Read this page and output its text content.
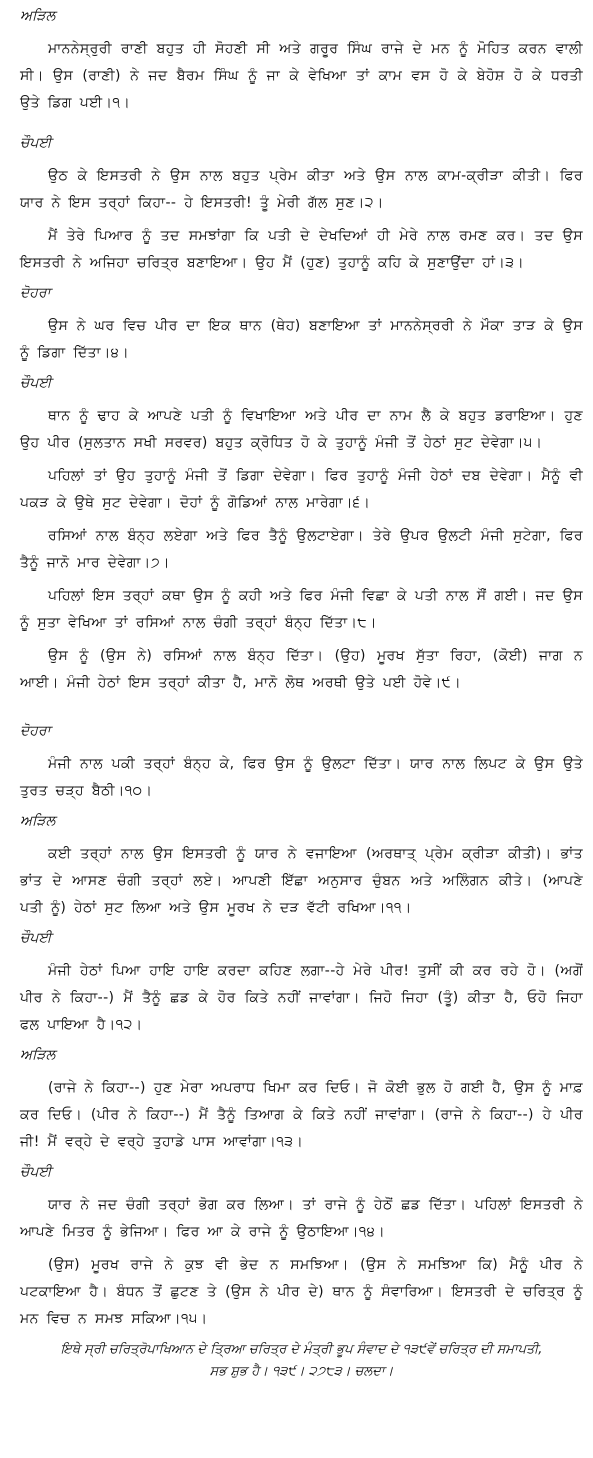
ਅੜਿਲ

ਮਾਨਨੇਸ੍ਰੁਰੀ ਰਾਣੀ ਬਹੁਤ ਹੀ ਸੋਹਣੀ ਸੀ ਅਤੇ ਗਰੂਰ ਸਿੰਘ ਰਾਜੇ ਦੇ ਮਨ ਨੂੰ ਮੋਹਿਤ ਕਰਨ ਵਾਲੀ ਸੀ। ਉਸ (ਰਾਣੀ) ਨੇ ਜਦ ਬੈਰਮ ਸਿੰਘ ਨੂੰ ਜਾ ਕੇ ਵੇਖਿਆ ਤਾਂ ਕਾਮ ਵਸ ਹੋ ਕੇ ਬੇਹੋਸ਼ ਹੋ ਕੇ ਧਰਤੀ ਉਤੇ ਡਿਗ ਪਈ।੧।

ਚੌਪਈ

ਉਠ ਕੇ ਇਸਤਰੀ ਨੇ ਉਸ ਨਾਲ ਬਹੁਤ ਪ੍ਰੇਮ ਕੀਤਾ ਅਤੇ ਉਸ ਨਾਲ ਕਾਮ-ਕ੍ਰੀੜਾ ਕੀਤੀ। ਫਿਰ ਯਾਰ ਨੇ ਇਸ ਤਰ੍ਹਾਂ ਕਿਹਾ-- ਹੇ ਇਸਤਰੀ! ਤੂੰ ਮੇਰੀ ਗੱਲ ਸੁਣ।੨।

ਮੈਂ ਤੇਰੇ ਪਿਆਰ ਨੂੰ ਤਦ ਸਮਝਾਂਗਾ ਕਿ ਪਤੀ ਦੇ ਦੇਖਦਿਆਂ ਹੀ ਮੇਰੇ ਨਾਲ ਰਮਣ ਕਰ। ਤਦ ਉਸ ਇਸਤਰੀ ਨੇ ਅਜਿਹਾ ਚਰਿਤ੍ਰ ਬਣਾਇਆ। ਉਹ ਮੈਂ (ਹੁਣ) ਤੁਹਾਨੂੰ ਕਹਿ ਕੇ ਸੁਣਾਉਂਦਾ ਹਾਂ।੩।

ਦੋਹਰਾ

ਉਸ ਨੇ ਘਰ ਵਿਚ ਪੀਰ ਦਾ ਇਕ ਥਾਨ (ਥੇਹ) ਬਣਾਇਆ ਤਾਂ ਮਾਨਨੇਸ੍ਰਰੀ ਨੇ ਮੌਕਾ ਤਾੜ ਕੇ ਉਸ ਨੂੰ ਡਿਗਾ ਦਿੱਤਾ।੪।

ਚੌਪਈ

ਥਾਨ ਨੂੰ ਢਾਹ ਕੇ ਆਪਣੇ ਪਤੀ ਨੂੰ ਵਿਖਾਇਆ ਅਤੇ ਪੀਰ ਦਾ ਨਾਮ ਲੈ ਕੇ ਬਹੁਤ ਡਰਾਇਆ। ਹੁਣ ਉਹ ਪੀਰ (ਸੁਲਤਾਨ ਸਖੀ ਸਰਵਰ) ਬਹੁਤ ਕ੍ਰੋਧਿਤ ਹੋ ਕੇ ਤੁਹਾਨੂੰ ਮੰਜੀ ਤੋਂ ਹੇਠਾਂ ਸੁਟ ਦੇਵੇਗਾ।੫।

ਪਹਿਲਾਂ ਤਾਂ ਉਹ ਤੁਹਾਨੂੰ ਮੰਜੀ ਤੋਂ ਡਿਗਾ ਦੇਵੇਗਾ। ਫਿਰ ਤੁਹਾਨੂੰ ਮੰਜੀ ਹੇਠਾਂ ਦਬ ਦੇਵੇਗਾ। ਮੈਨੂੰ ਵੀ ਪਕੜ ਕੇ ਉਥੇ ਸੁਟ ਦੇਵੇਗਾ। ਦੋਹਾਂ ਨੂੰ ਗੋਡਿਆਂ ਨਾਲ ਮਾਰੇਗਾ।੬।

ਰਸਿਆਂ ਨਾਲ ਬੰਨ੍ਹ ਲਏਗਾ ਅਤੇ ਫਿਰ ਤੈਨੂੰ ਉਲਟਾਏਗਾ। ਤੇਰੇ ਉਪਰ ਉਲਟੀ ਮੰਜੀ ਸੁਟੇਗਾ, ਫਿਰ ਤੈਨੂੰ ਜਾਨੋ ਮਾਰ ਦੇਵੇਗਾ।੭।

ਪਹਿਲਾਂ ਇਸ ਤਰ੍ਹਾਂ ਕਥਾ ਉਸ ਨੂੰ ਕਹੀ ਅਤੇ ਫਿਰ ਮੰਜੀ ਵਿਛਾ ਕੇ ਪਤੀ ਨਾਲ ਸੌਂ ਗਈ। ਜਦ ਉਸ ਨੂੰ ਸੁਤਾ ਵੇਖਿਆ ਤਾਂ ਰਸਿਆਂ ਨਾਲ ਚੰਗੀ ਤਰ੍ਹਾਂ ਬੰਨ੍ਹ ਦਿੱਤਾ।੮।

ਉਸ ਨੂੰ (ਉਸ ਨੇ) ਰਸਿਆਂ ਨਾਲ ਬੰਨ੍ਹ ਦਿੱਤਾ। (ਉਹ) ਮੂਰਖ ਸੁੱਤਾ ਰਿਹਾ, (ਕੋਈ) ਜਾਗ ਨ ਆਈ। ਮੰਜੀ ਹੇਠਾਂ ਇਸ ਤਰ੍ਹਾਂ ਕੀਤਾ ਹੈ, ਮਾਨੋ ਲੋਥ ਅਰਥੀ ਉਤੇ ਪਈ ਹੋਵੇ।੯।

ਦੋਹਰਾ

ਮੰਜੀ ਨਾਲ ਪਕੀ ਤਰ੍ਹਾਂ ਬੰਨ੍ਹ ਕੇ, ਫਿਰ ਉਸ ਨੂੰ ਉਲਟਾ ਦਿੱਤਾ। ਯਾਰ ਨਾਲ ਲਿਪਟ ਕੇ ਉਸ ਉਤੇ ਤੁਰਤ ਚੜ੍ਹ ਬੈਠੀ।੧੦।

ਅੜਿਲ

ਕਈ ਤਰ੍ਹਾਂ ਨਾਲ ਉਸ ਇਸਤਰੀ ਨੂੰ ਯਾਰ ਨੇ ਵਜਾਇਆ (ਅਰਥਾਤ੍ ਪ੍ਰੇਮ ਕ੍ਰੀੜਾ ਕੀਤੀ)। ਭਾਂਤ ਭਾਂਤ ਦੇ ਆਸਣ ਚੰਗੀ ਤਰ੍ਹਾਂ ਲਏ। ਆਪਣੀ ਇੱਛਾ ਅਨੁਸਾਰ ਚੁੰਬਨ ਅਤੇ ਅਲਿੰਗਨ ਕੀਤੇ। (ਆਪਣੇ ਪਤੀ ਨੂੰ) ਹੇਠਾਂ ਸੁਟ ਲਿਆ ਅਤੇ ਉਸ ਮੂਰਖ ਨੇ ਦੜ ਵੱਟੀ ਰਖਿਆ।੧੧।

ਚੌਪਈ

ਮੰਜੀ ਹੇਠਾਂ ਪਿਆ ਹਾਇ ਹਾਇ ਕਰਦਾ ਕਹਿਣ ਲਗਾ--ਹੇ ਮੇਰੇ ਪੀਰ! ਤੁਸੀਂ ਕੀ ਕਰ ਰਹੇ ਹੋ। (ਅਗੋਂ ਪੀਰ ਨੇ ਕਿਹਾ--) ਮੈਂ ਤੈਨੂੰ ਛਡ ਕੇ ਹੋਰ ਕਿਤੇ ਨਹੀਂ ਜਾਵਾਂਗਾ। ਜਿਹੋ ਜਿਹਾ (ਤੂੰ) ਕੀਤਾ ਹੈ, ਓਹੋ ਜਿਹਾ ਫਲ ਪਾਇਆ ਹੈ।੧੨।

ਅੜਿਲ

(ਰਾਜੇ ਨੇ ਕਿਹਾ--) ਹੁਣ ਮੇਰਾ ਅਪਰਾਧ ਖਿਮਾ ਕਰ ਦਿਓ। ਜੋ ਕੋਈ ਭੁਲ ਹੋ ਗਈ ਹੈ, ਉਸ ਨੂੰ ਮਾਫ਼ ਕਰ ਦਿਓ। (ਪੀਰ ਨੇ ਕਿਹਾ--) ਮੈਂ ਤੈਨੂੰ ਤਿਆਗ ਕੇ ਕਿਤੇ ਨਹੀਂ ਜਾਵਾਂਗਾ। (ਰਾਜੇ ਨੇ ਕਿਹਾ--) ਹੇ ਪੀਰ ਜੀ! ਮੈਂ ਵਰ੍ਹੇ ਦੇ ਵਰ੍ਹੇ ਤੁਹਾਡੇ ਪਾਸ ਆਵਾਂਗਾ।੧੩।

ਚੌਪਈ

ਯਾਰ ਨੇ ਜਦ ਚੰਗੀ ਤਰ੍ਹਾਂ ਭੋਗ ਕਰ ਲਿਆ। ਤਾਂ ਰਾਜੇ ਨੂੰ ਹੇਠੋਂ ਛਡ ਦਿੱਤਾ। ਪਹਿਲਾਂ ਇਸਤਰੀ ਨੇ ਆਪਣੇ ਮਿਤਰ ਨੂੰ ਭੇਜਿਆ। ਫਿਰ ਆ ਕੇ ਰਾਜੇ ਨੂੰ ਉਠਾਇਆ।੧੪।

(ਉਸ) ਮੂਰਖ ਰਾਜੇ ਨੇ ਕੁਝ ਵੀ ਭੇਦ ਨ ਸਮਝਿਆ। (ਉਸ ਨੇ ਸਮਝਿਆ ਕਿ) ਮੈਨੂੰ ਪੀਰ ਨੇ ਪਟਕਾਇਆ ਹੈ। ਬੰਧਨ ਤੋਂ ਛੁਟਣ ਤੇ (ਉਸ ਨੇ ਪੀਰ ਦੇ) ਥਾਨ ਨੂੰ ਸੰਵਾਰਿਆ। ਇਸਤਰੀ ਦੇ ਚਰਿਤ੍ਰ ਨੂੰ ਮਨ ਵਿਚ ਨ ਸਮਝ ਸਕਿਆ।੧੫।

ਇਥੇ ਸ੍ਰੀ ਚਰਿਤ੍ਰੋਪਾਖਿਆਨ ਦੇ ਤ੍ਰਿਆ ਚਰਿਤ੍ਰ ਦੇ ਮੰਤ੍ਰੀ ਭੂਪ ਸੰਵਾਦ ਦੇ ੧੩੯ਵੇਂ ਚਰਿਤ੍ਰ ਦੀ ਸਮਾਪਤੀ,
ਸਭ ਸ਼ੁਭ ਹੈ। ੧੩੯। ੨੭੮੩। ਚਲਦਾ।
